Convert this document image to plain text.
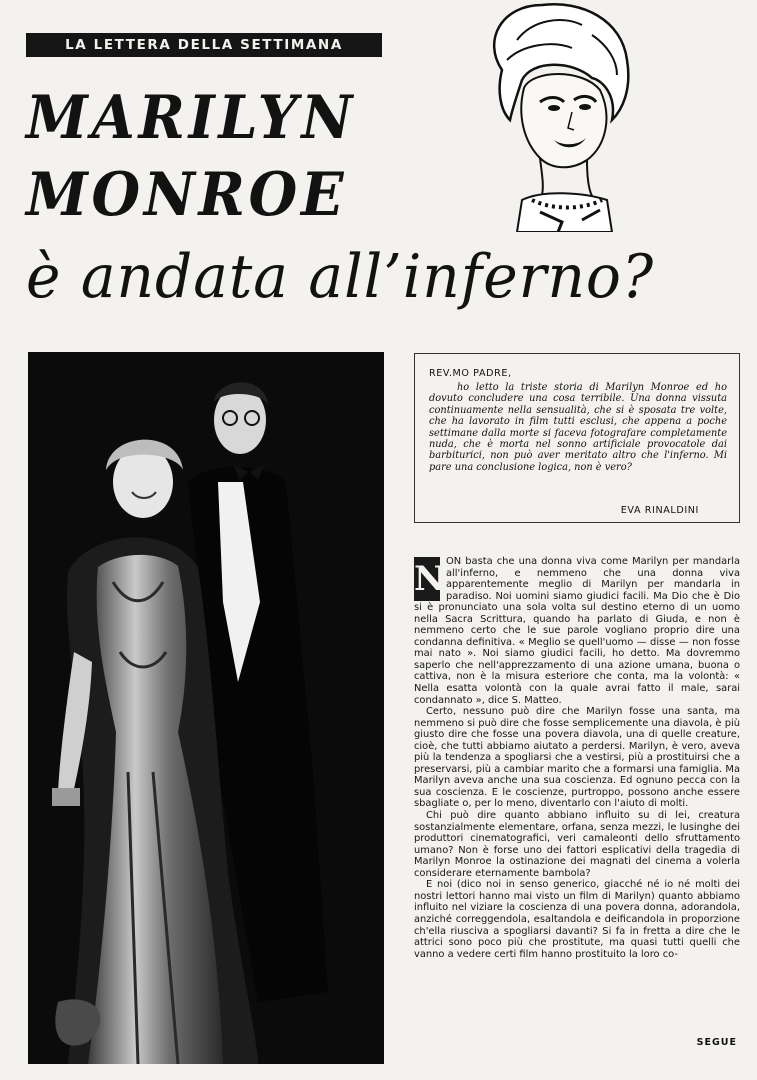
LA LETTERA DELLA SETTIMANA
MARILYN
MONROE
è andata all’inferno?

REV.MO PADRE,

ho letto la triste storia di Marilyn Monroe ed ho dovuto concludere una cosa terribile. Una donna vissuta continuamente nella sensualità, che si è sposata tre volte, che ha lavorato in film tutti esclusi, che appena a poche settimane dalla morte si faceva fotografare completamente nuda, che è morta nel sonno artificiale provocatole dai barbiturici, non può aver meritato altro che l'inferno. Mi pare una conclusione logica, non è vero?

EVA RINALDINI

N ON basta che una donna viva come Marilyn per mandarla all'inferno, e nemmeno che una donna viva apparentemente meglio di Marilyn per mandarla in paradiso. Noi uomini siamo giudici facili. Ma Dio che è Dio si è pronunciato una sola volta sul destino eterno di un uomo nella Sacra Scrittura, quando ha parlato di Giuda, e non è nemmeno certo che le sue parole vogliano proprio dire una condanna definitiva. « Meglio se quell'uomo — disse — non fosse mai nato ». Noi siamo giudici facili, ho detto. Ma dovremmo saperlo che nell'apprezzamento di una azione umana, buona o cattiva, non è la misura esteriore che conta, ma la volontà: « Nella esatta volontà con la quale avrai fatto il male, sarai condannato », dice S. Matteo.

Certo, nessuno può dire che Marilyn fosse una santa, ma nemmeno si può dire che fosse semplicemente una diavola, è più giusto dire che fosse una povera diavola, una di quelle creature, cioè, che tutti abbiamo aiutato a perdersi. Marilyn, è vero, aveva più la tendenza a spogliarsi che a vestirsi, più a prostituirsi che a preservarsi, più a cambiar marito che a formarsi una famiglia. Ma Marilyn aveva anche una sua coscienza. Ed ognuno pecca con la sua coscienza. E le coscienze, purtroppo, possono anche essere sbagliate o, per lo meno, diventarlo con l'aiuto di molti.

Chi può dire quanto abbiano influito su di lei, creatura sostanzialmente elementare, orfana, senza mezzi, le lusinghe dei produttori cinematografici, veri camaleonti dello sfruttamento umano? Non è forse uno dei fattori esplicativi della tragedia di Marilyn Monroe la ostinazione dei magnati del cinema a volerla considerare eternamente bambola?

E noi (dico noi in senso generico, giacché né io né molti dei nostri lettori hanno mai visto un film di Marilyn) quanto abbiamo influito nel viziare la coscienza di una povera donna, adorandola, anziché correggendola, esaltandola e deificandola in proporzione ch'ella riusciva a spogliarsi davanti? Si fa in fretta a dire che le attrici sono poco più che prostitute, ma quasi tutti quelli che vanno a vedere certi film hanno prostituito la loro co-

SEGUE
